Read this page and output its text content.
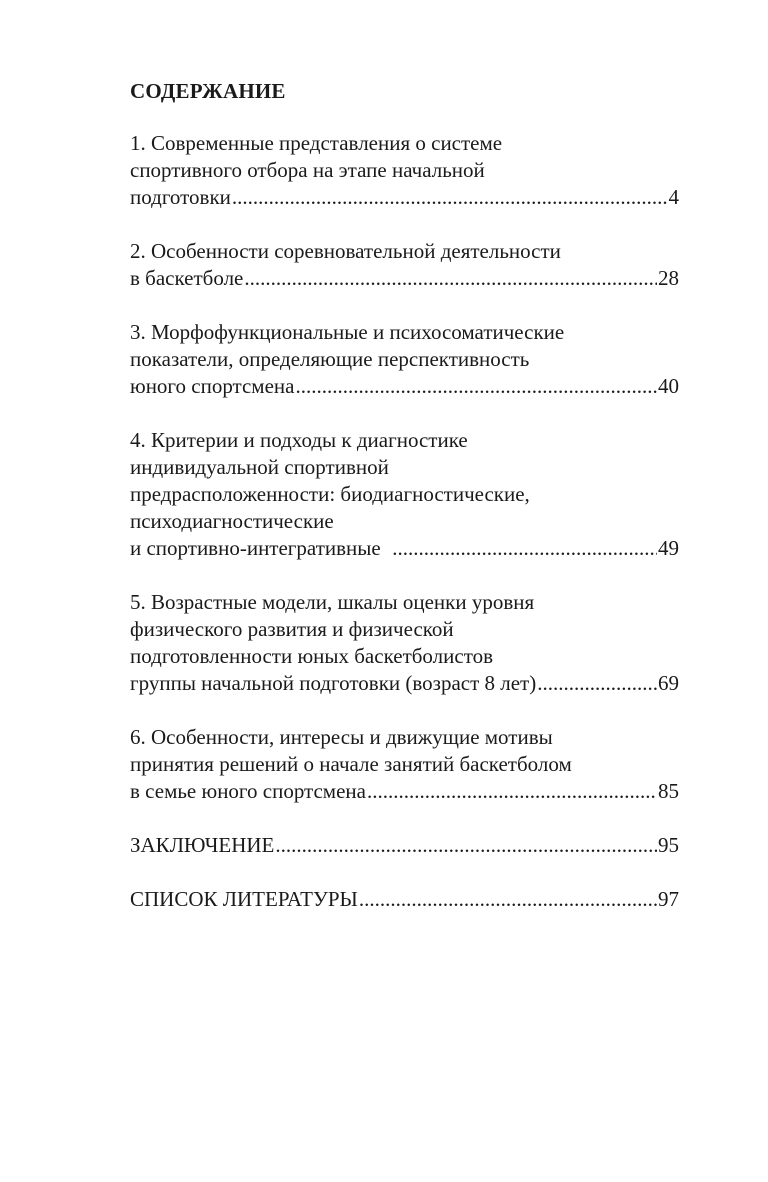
СОДЕРЖАНИЕ
1. Современные представления о системе
спортивного отбора на этапе начальной
подготовки .....	4
2. Особенности соревновательной деятельности
в баскетболе .....	28
3. Морфофункциональные и психосоматические
показатели, определяющие перспективность
юного спортсмена .....	40
4. Критерии и подходы к диагностике
индивидуальной спортивной
предрасположенности: биодиагностические,
психодиагностические
и спортивно-интегративные .....	49
5. Возрастные модели, шкалы оценки уровня
физического развития и физической
подготовленности юных баскетболистов
группы начальной подготовки (возраст 8 лет) .....	69
6. Особенности, интересы и движущие мотивы
принятия решений о начале занятий баскетболом
в семье юного спортсмена .....	85
ЗАКЛЮЧЕНИЕ .....	95
СПИСОК ЛИТЕРАТУРЫ .....	97
